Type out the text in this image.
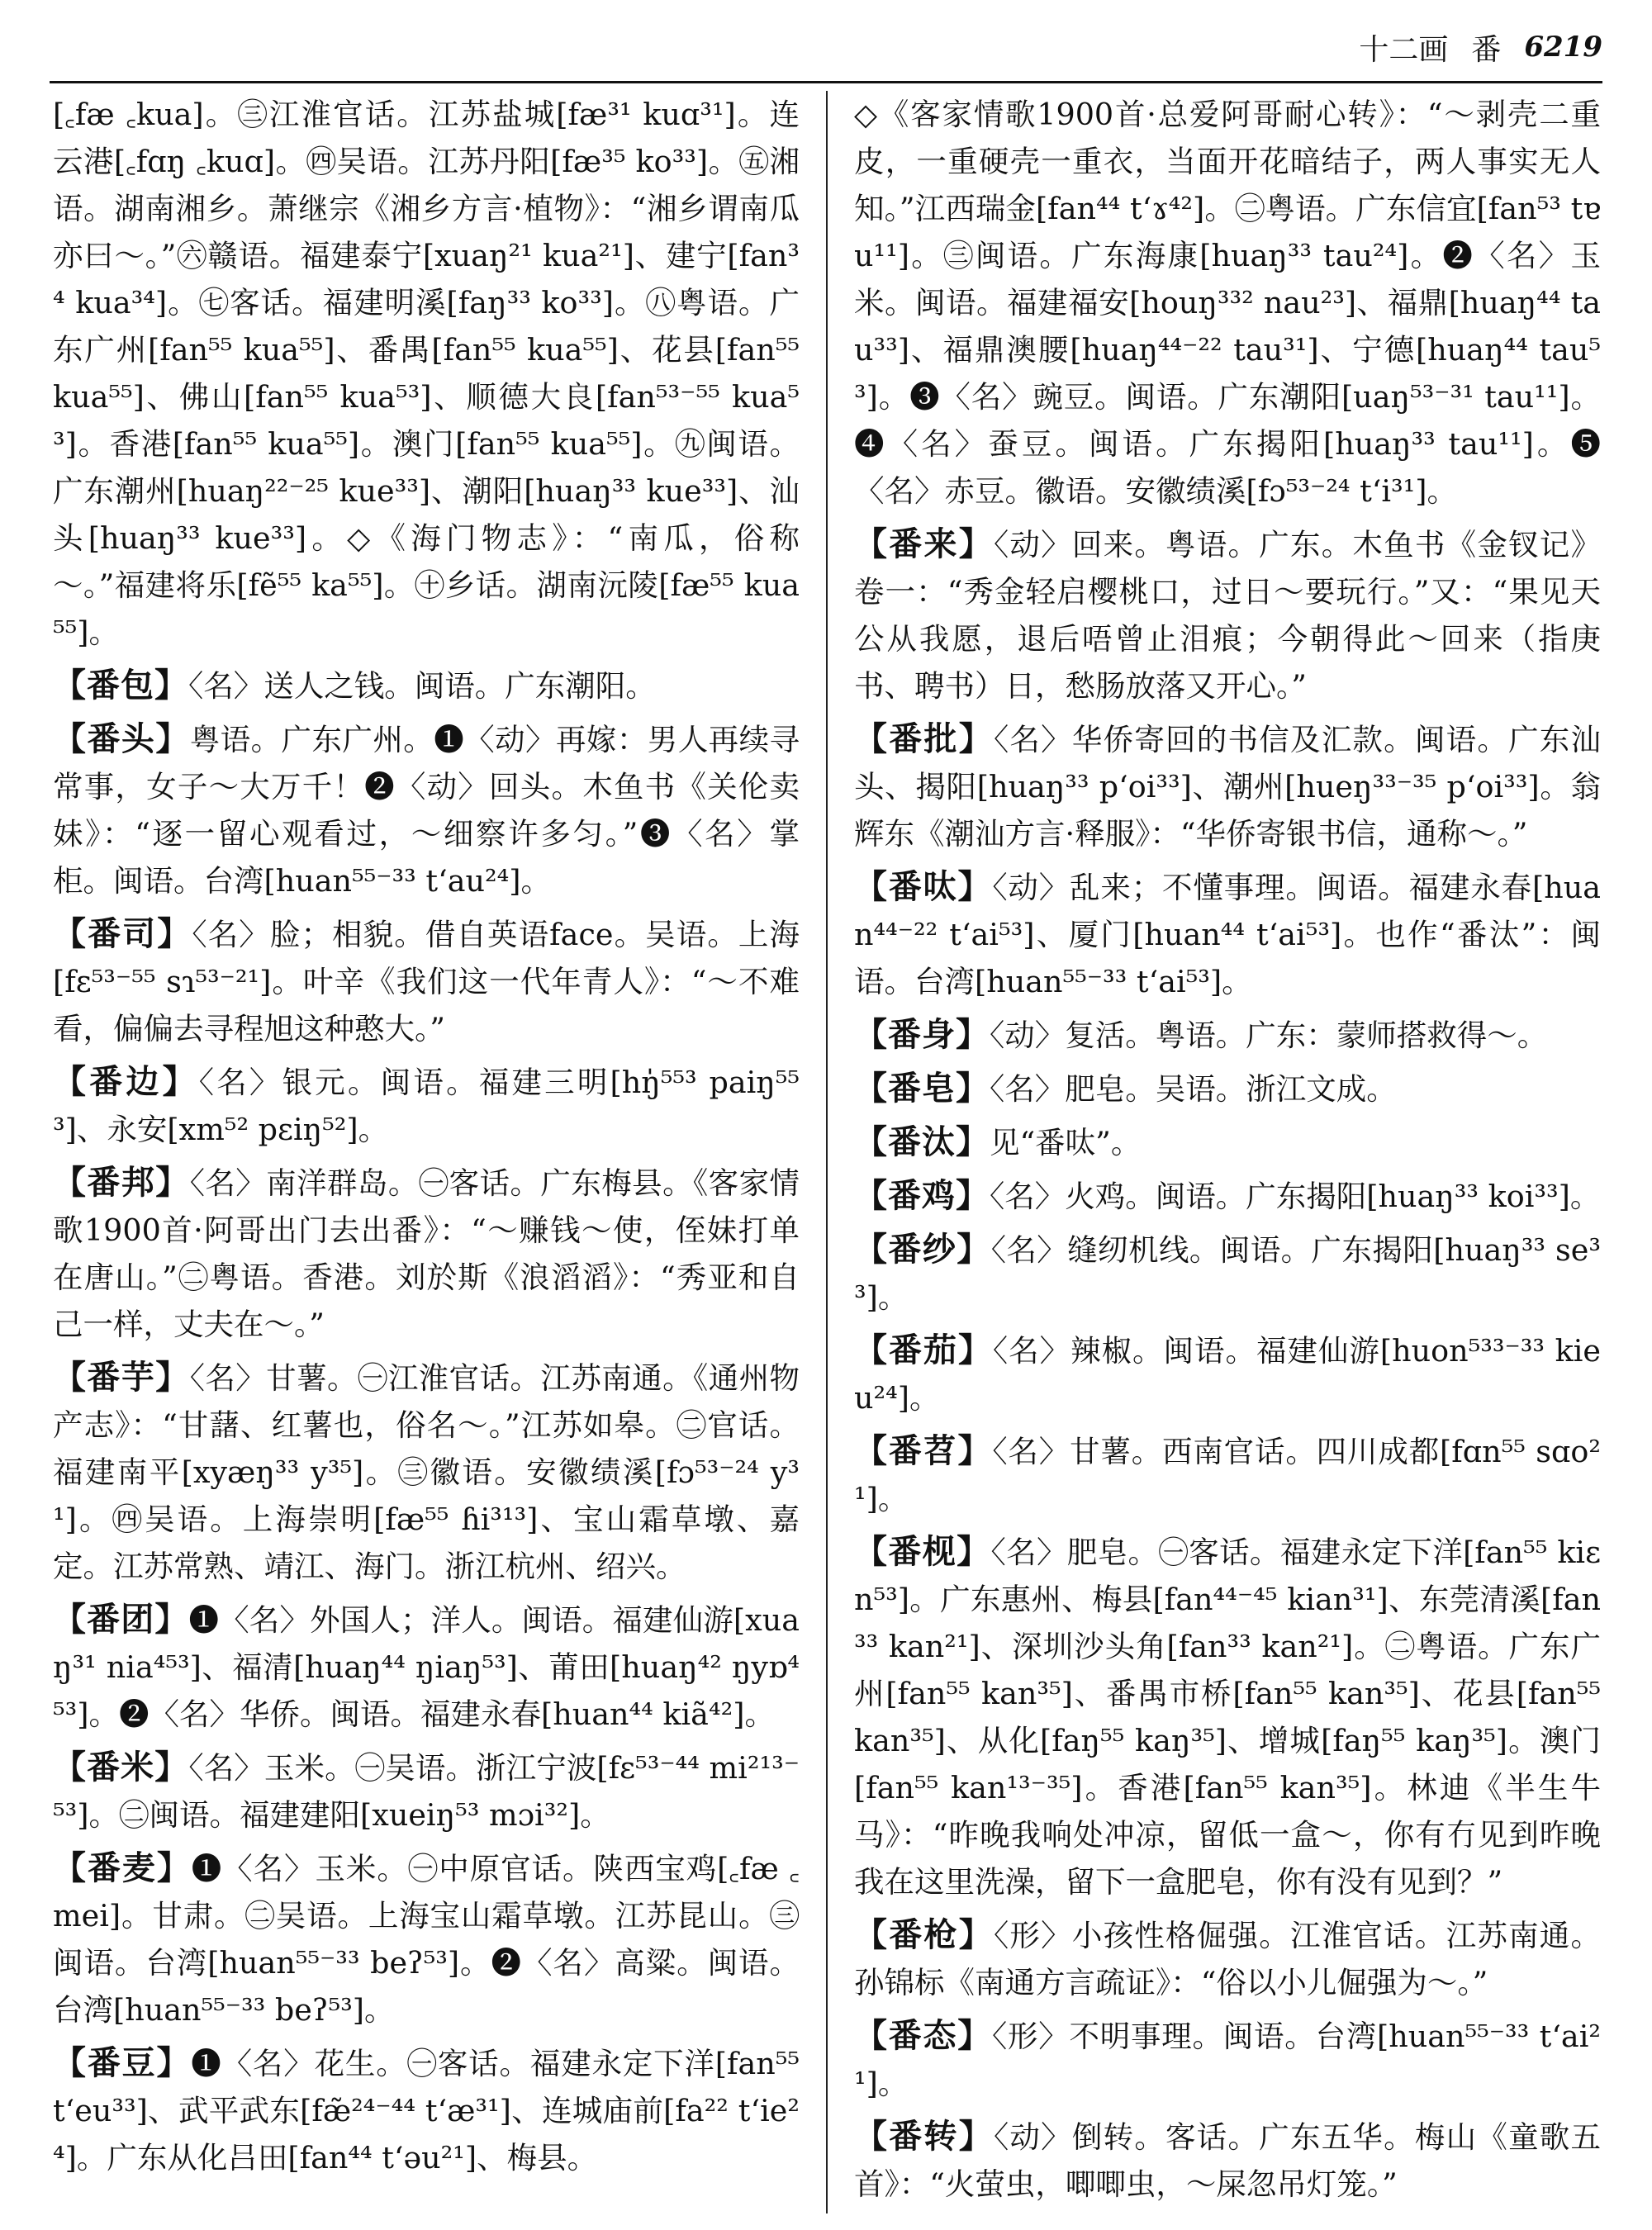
十二画 番 6219

[꜀fæ ꜀kua]。㊂江淮官话。江苏盐城[fæ³¹ kuɑ³¹]。连云港[꜀fɑŋ ꜀kuɑ]。㊃吴语。江苏丹阳[fæ³⁵ ko³³]。㊄湘语。湖南湘乡。萧继宗《湘乡方言·植物》：“湘乡谓南瓜亦曰～。”㊅赣语。福建泰宁[xuaŋ²¹ kua²¹]、建宁[fan³⁴ kua³⁴]。㊆客话。福建明溪[faŋ³³ ko³³]。㊇粤语。广东广州[fan⁵⁵ kua⁵⁵]、番禺[fan⁵⁵ kua⁵⁵]、花县[fan⁵⁵ kua⁵⁵]、佛山[fan⁵⁵ kua⁵³]、顺德大良[fan⁵³⁻⁵⁵ kua⁵³]。香港[fan⁵⁵ kua⁵⁵]。澳门[fan⁵⁵ kua⁵⁵]。㊈闽语。广东潮州[huaŋ²²⁻²⁵ kue³³]、潮阳[huaŋ³³ kue³³]、汕头[huaŋ³³ kue³³]。◇《海门物志》：“南瓜，俗称～。”福建将乐[fẽ⁵⁵ ka⁵⁵]。㊉乡话。湖南沅陵[fæ⁵⁵ kua⁵⁵]。

【番包】〈名〉送人之钱。闽语。广东潮阳。

【番头】粤语。广东广州。❶〈动〉再嫁：男人再续寻常事，女子～大万千！❷〈动〉回头。木鱼书《关伦卖妹》：“逐一留心观看过，～细察许多匀。”❸〈名〉掌柜。闽语。台湾[huan⁵⁵⁻³³ tʻau²⁴]。

【番司】〈名〉脸；相貌。借自英语face。吴语。上海[fɛ⁵³⁻⁵⁵ sɿ⁵³⁻²¹]。叶辛《我们这一代年青人》：“～不难看，偏偏去寻程旭这种憨大。”

【番边】〈名〉银元。闽语。福建三明[hŋ̍⁵⁵³ paiŋ⁵⁵³]、永安[xm⁵² pɛiŋ⁵²]。

【番邦】〈名〉南洋群岛。㊀客话。广东梅县。《客家情歌1900首·阿哥出门去出番》：“～赚钱～使，侄妹打单在唐山。”㊁粤语。香港。刘於斯《浪滔滔》：“秀亚和自己一样，丈夫在～。”

【番芋】〈名〉甘薯。㊀江淮官话。江苏南通。《通州物产志》：“甘藷、红薯也，俗名～。”江苏如皋。㊁官话。福建南平[xyæŋ³³ y³⁵]。㊂徽语。安徽绩溪[fɔ⁵³⁻²⁴ y³¹]。㊃吴语。上海崇明[fæ⁵⁵ ɦi³¹³]、宝山霜草墩、嘉定。江苏常熟、靖江、海门。浙江杭州、绍兴。

【番团】❶〈名〉外国人；洋人。闽语。福建仙游[xuaŋ³¹ nia⁴⁵³]、福清[huaŋ⁴⁴ ŋiaŋ⁵³]、莆田[huaŋ⁴² ŋyɒ⁴⁵³]。❷〈名〉华侨。闽语。福建永春[huan⁴⁴ kiã⁴²]。

【番米】〈名〉玉米。㊀吴语。浙江宁波[fɛ⁵³⁻⁴⁴ mi²¹³⁻⁵³]。㊁闽语。福建建阳[xueiŋ⁵³ mɔi³²]。

【番麦】❶〈名〉玉米。㊀中原官话。陕西宝鸡[꜀fæ ꜀mei]。甘肃。㊁吴语。上海宝山霜草墩。江苏昆山。㊂闽语。台湾[huan⁵⁵⁻³³ beʔ⁵³]。❷〈名〉高粱。闽语。台湾[huan⁵⁵⁻³³ beʔ⁵³]。

【番豆】❶〈名〉花生。㊀客话。福建永定下洋[fan⁵⁵ tʻeu³³]、武平武东[fæ̃²⁴⁻⁴⁴ tʻæ³¹]、连城庙前[fa²² tʻie²⁴]。广东从化吕田[fan⁴⁴ tʻəu²¹]、梅县。

◇《客家情歌1900首·总爱阿哥耐心转》：“～剥壳二重皮，一重硬壳一重衣，当面开花暗结子，两人事实无人知。”江西瑞金[fan⁴⁴ tʻɤ⁴²]。㊁粤语。广东信宜[fan⁵³ tɐu¹¹]。㊂闽语。广东海康[huaŋ³³ tau²⁴]。❷〈名〉玉米。闽语。福建福安[houŋ³³² nau²³]、福鼎[huaŋ⁴⁴ tau³³]、福鼎澳腰[huaŋ⁴⁴⁻²² tau³¹]、宁德[huaŋ⁴⁴ tau⁵³]。❸〈名〉豌豆。闽语。广东潮阳[uaŋ⁵³⁻³¹ tau¹¹]。❹〈名〉蚕豆。闽语。广东揭阳[huaŋ³³ tau¹¹]。❺〈名〉赤豆。徽语。安徽绩溪[fɔ⁵³⁻²⁴ tʻi³¹]。

【番来】〈动〉回来。粤语。广东。木鱼书《金钗记》卷一：“秀金轻启樱桃口，过日～要玩行。”又：“果见天公从我愿，退后唔曾止泪痕；今朝得此～回来（指庚书、聘书）日，愁肠放落又开心。”

【番批】〈名〉华侨寄回的书信及汇款。闽语。广东汕头、揭阳[huaŋ³³ pʻoi³³]、潮州[hueŋ³³⁻³⁵ pʻoi³³]。翁辉东《潮汕方言·释服》：“华侨寄银书信，通称～。”

【番呔】〈动〉乱来；不懂事理。闽语。福建永春[huan⁴⁴⁻²² tʻai⁵³]、厦门[huan⁴⁴ tʻai⁵³]。也作“番汰”：闽语。台湾[huan⁵⁵⁻³³ tʻai⁵³]。

【番身】〈动〉复活。粤语。广东：蒙师搭救得～。

【番皂】〈名〉肥皂。吴语。浙江文成。

【番汰】见“番呔”。

【番鸡】〈名〉火鸡。闽语。广东揭阳[huaŋ³³ koi³³]。

【番纱】〈名〉缝纫机线。闽语。广东揭阳[huaŋ³³ se³³]。

【番茄】〈名〉辣椒。闽语。福建仙游[huon⁵³³⁻³³ kieu²⁴]。

【番苕】〈名〉甘薯。西南官话。四川成都[fɑn⁵⁵ sɑo²¹]。

【番枧】〈名〉肥皂。㊀客话。福建永定下洋[fan⁵⁵ kiɛn⁵³]。广东惠州、梅县[fan⁴⁴⁻⁴⁵ kian³¹]、东莞清溪[fan³³ kan²¹]、深圳沙头角[fan³³ kan²¹]。㊁粤语。广东广州[fan⁵⁵ kan³⁵]、番禺市桥[fan⁵⁵ kan³⁵]、花县[fan⁵⁵ kan³⁵]、从化[faŋ⁵⁵ kaŋ³⁵]、增城[faŋ⁵⁵ kaŋ³⁵]。澳门[fan⁵⁵ kan¹³⁻³⁵]。香港[fan⁵⁵ kan³⁵]。林迪《半生牛马》：“昨晚我响处冲凉，留低一盒～，你有冇见到昨晚我在这里洗澡，留下一盒肥皂，你有没有见到？”

【番枪】〈形〉小孩性格倔强。江淮官话。江苏南通。孙锦标《南通方言疏证》：“俗以小儿倔强为～。”

【番态】〈形〉不明事理。闽语。台湾[huan⁵⁵⁻³³ tʻai²¹]。

【番转】〈动〉倒转。客话。广东五华。梅山《童歌五首》：“火萤虫，唧唧虫，～屎忽吊灯笼。”
